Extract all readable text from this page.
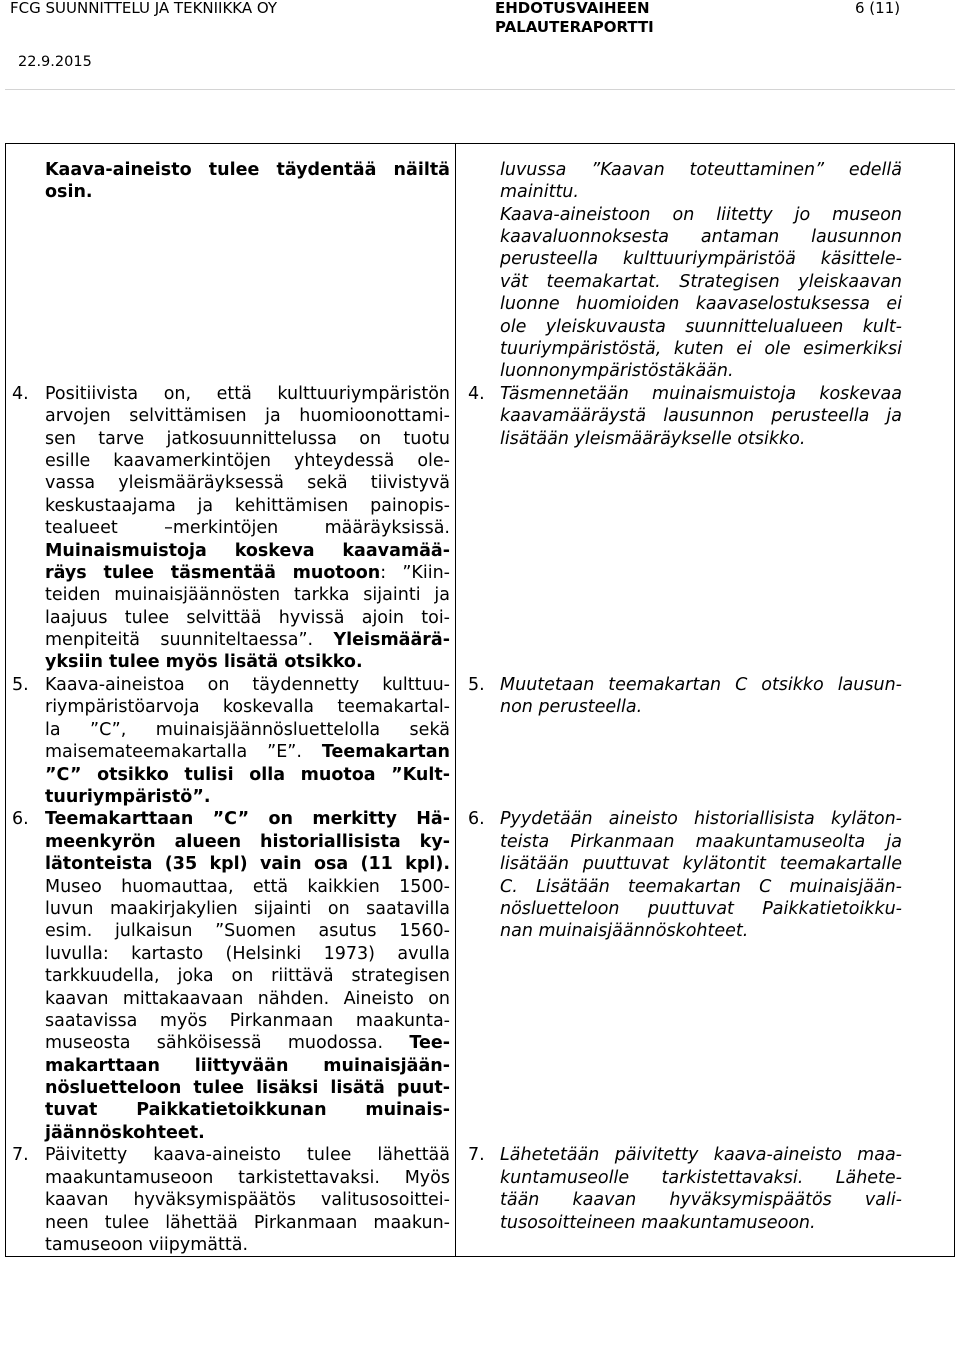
FCG SUUNNITTELU JA TEKNIIKKA OY	EHDOTUSVAIHEEN
PALAUTERAPORTTI
6 (11)
22.9.2015
Kaava-aineisto tulee täydentää näiltä
osin.
4. Positiivista on, että kulttuuriympäristön
arvojen selvittämisen ja huomioonottami-
sen tarve jatkosuunnittelussa on tuotu
esille kaavamerkintöjen yhteydessä ole-
vassa yleismääräyksessä sekä tiivistyvä
keskustaajama ja kehittämisen painopis-
tealueet –merkintöjen määräyksissä.
Muinaismuistoja koskeva kaavamää-
räys tulee täsmentää muotoon: ”Kiin-
teiden muinaisjäännösten tarkka sijainti ja
laajuus tulee selvittää hyvissä ajoin toi-
menpiteitä suunniteltaessa”. Yleismäärä-
yksiin tulee myös lisätä otsikko.
5. Kaava-aineistoa on täydennetty kulttuu-
riympäristöarvoja koskevalla teemakartal-
la ”C”, muinaisjäännösluettelolla sekä
maisemateemakartalla ”E”. Teemakartan
”C” otsikko tulisi olla muotoa ”Kult-
tuuriympäristö”.
6. Teemakarttaan ”C” on merkitty Hä-
meenkyrön alueen historiallisista ky-
lätonteista (35 kpl) vain osa (11 kpl).
Museo huomauttaa, että kaikkien 1500-
luvun maakirjakylien sijainti on saatavilla
esim. julkaisun ”Suomen asutus 1560-
luvulla: kartasto (Helsinki 1973) avulla
tarkkuudella, joka on riittävä strategisen
kaavan mittakaavaan nähden. Aineisto on
saatavissa myös Pirkanmaan maakunta-
museosta sähköisessä muodossa. Tee-
makarttaan liittyvään muinaisjään-
nösluetteloon tulee lisäksi lisätä puut-
tuvat Paikkatietoikkunan muinais-
jäännöskohteet.
7. Päivitetty kaava-aineisto tulee lähettää
maakuntamuseoon tarkistettavaksi. Myös
kaavan hyväksymispäätös valitusosoittei-
neen tulee lähettää Pirkanmaan maakun-
tamuseoon viipymättä.
luvussa ”Kaavan toteuttaminen” edellä
mainittu.
Kaava-aineistoon on liitetty jo museon
kaavaluonnoksesta antaman lausunnon
perusteella kulttuuriympäristöä käsittele-
vät teemakartat. Strategisen yleiskaavan
luonne huomioiden kaavaselostuksessa ei
ole yleiskuvausta suunnittelualueen kult-
tuuriympäristöstä, kuten ei ole esimerkiksi
luonnonympäristöstäkään.
4. Täsmennetään muinaismuistoja koskevaa
kaavamääräystä lausunnon perusteella ja
lisätään yleismääräykselle otsikko.
5. Muutetaan teemakartan C otsikko lausun-
non perusteella.
6. Pyydetään aineisto historiallisista kyläton-
teista Pirkanmaan maakuntamuseolta ja
lisätään puuttuvat kylätontit teemakartalle
C. Lisätään teemakartan C muinaisjään-
nösluetteloon puuttuvat Paikkatietoikku-
nan muinaisjäännöskohteet.
7. Lähetetään päivitetty kaava-aineisto maa-
kuntamuseolle tarkistettavaksi. Lähete-
tään kaavan hyväksymispäätös vali-
tusosoitteineen maakuntamuseoon.
